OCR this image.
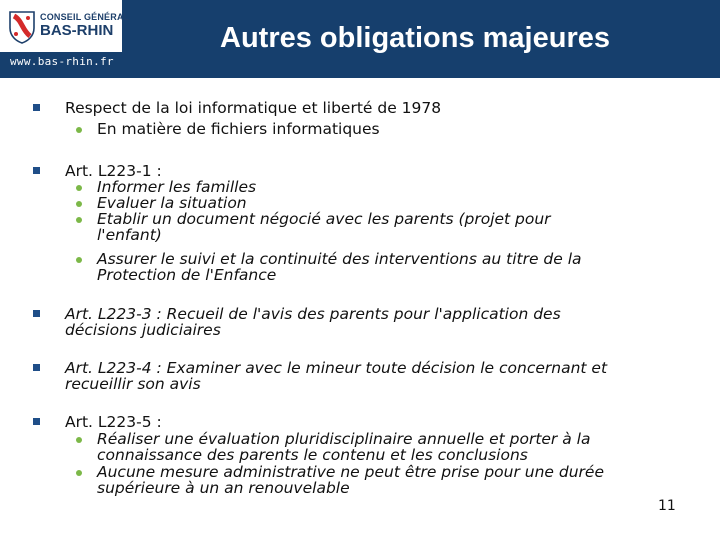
CONSEIL GÉNÉRAL
BAS-RHIN
www.bas-rhin.fr
Autres obligations majeures
Respect de la loi informatique et liberté de 1978
En matière de fichiers informatiques
Art. L223-1 :
Informer les familles
Evaluer la situation
Etablir un document négocié avec les parents (projet pour
l'enfant)
Assurer le suivi et la continuité des interventions au titre de la
Protection de l'Enfance
Art. L223-3 : Recueil de l'avis des parents pour l'application des
décisions judiciaires
Art. L223-4 : Examiner avec le mineur toute décision le concernant et
recueillir son avis
Art. L223-5 :
Réaliser une évaluation pluridisciplinaire annuelle et porter à la
connaissance des parents le contenu et les conclusions
Aucune mesure administrative ne peut être prise pour une durée
supérieure à un an renouvelable
11
